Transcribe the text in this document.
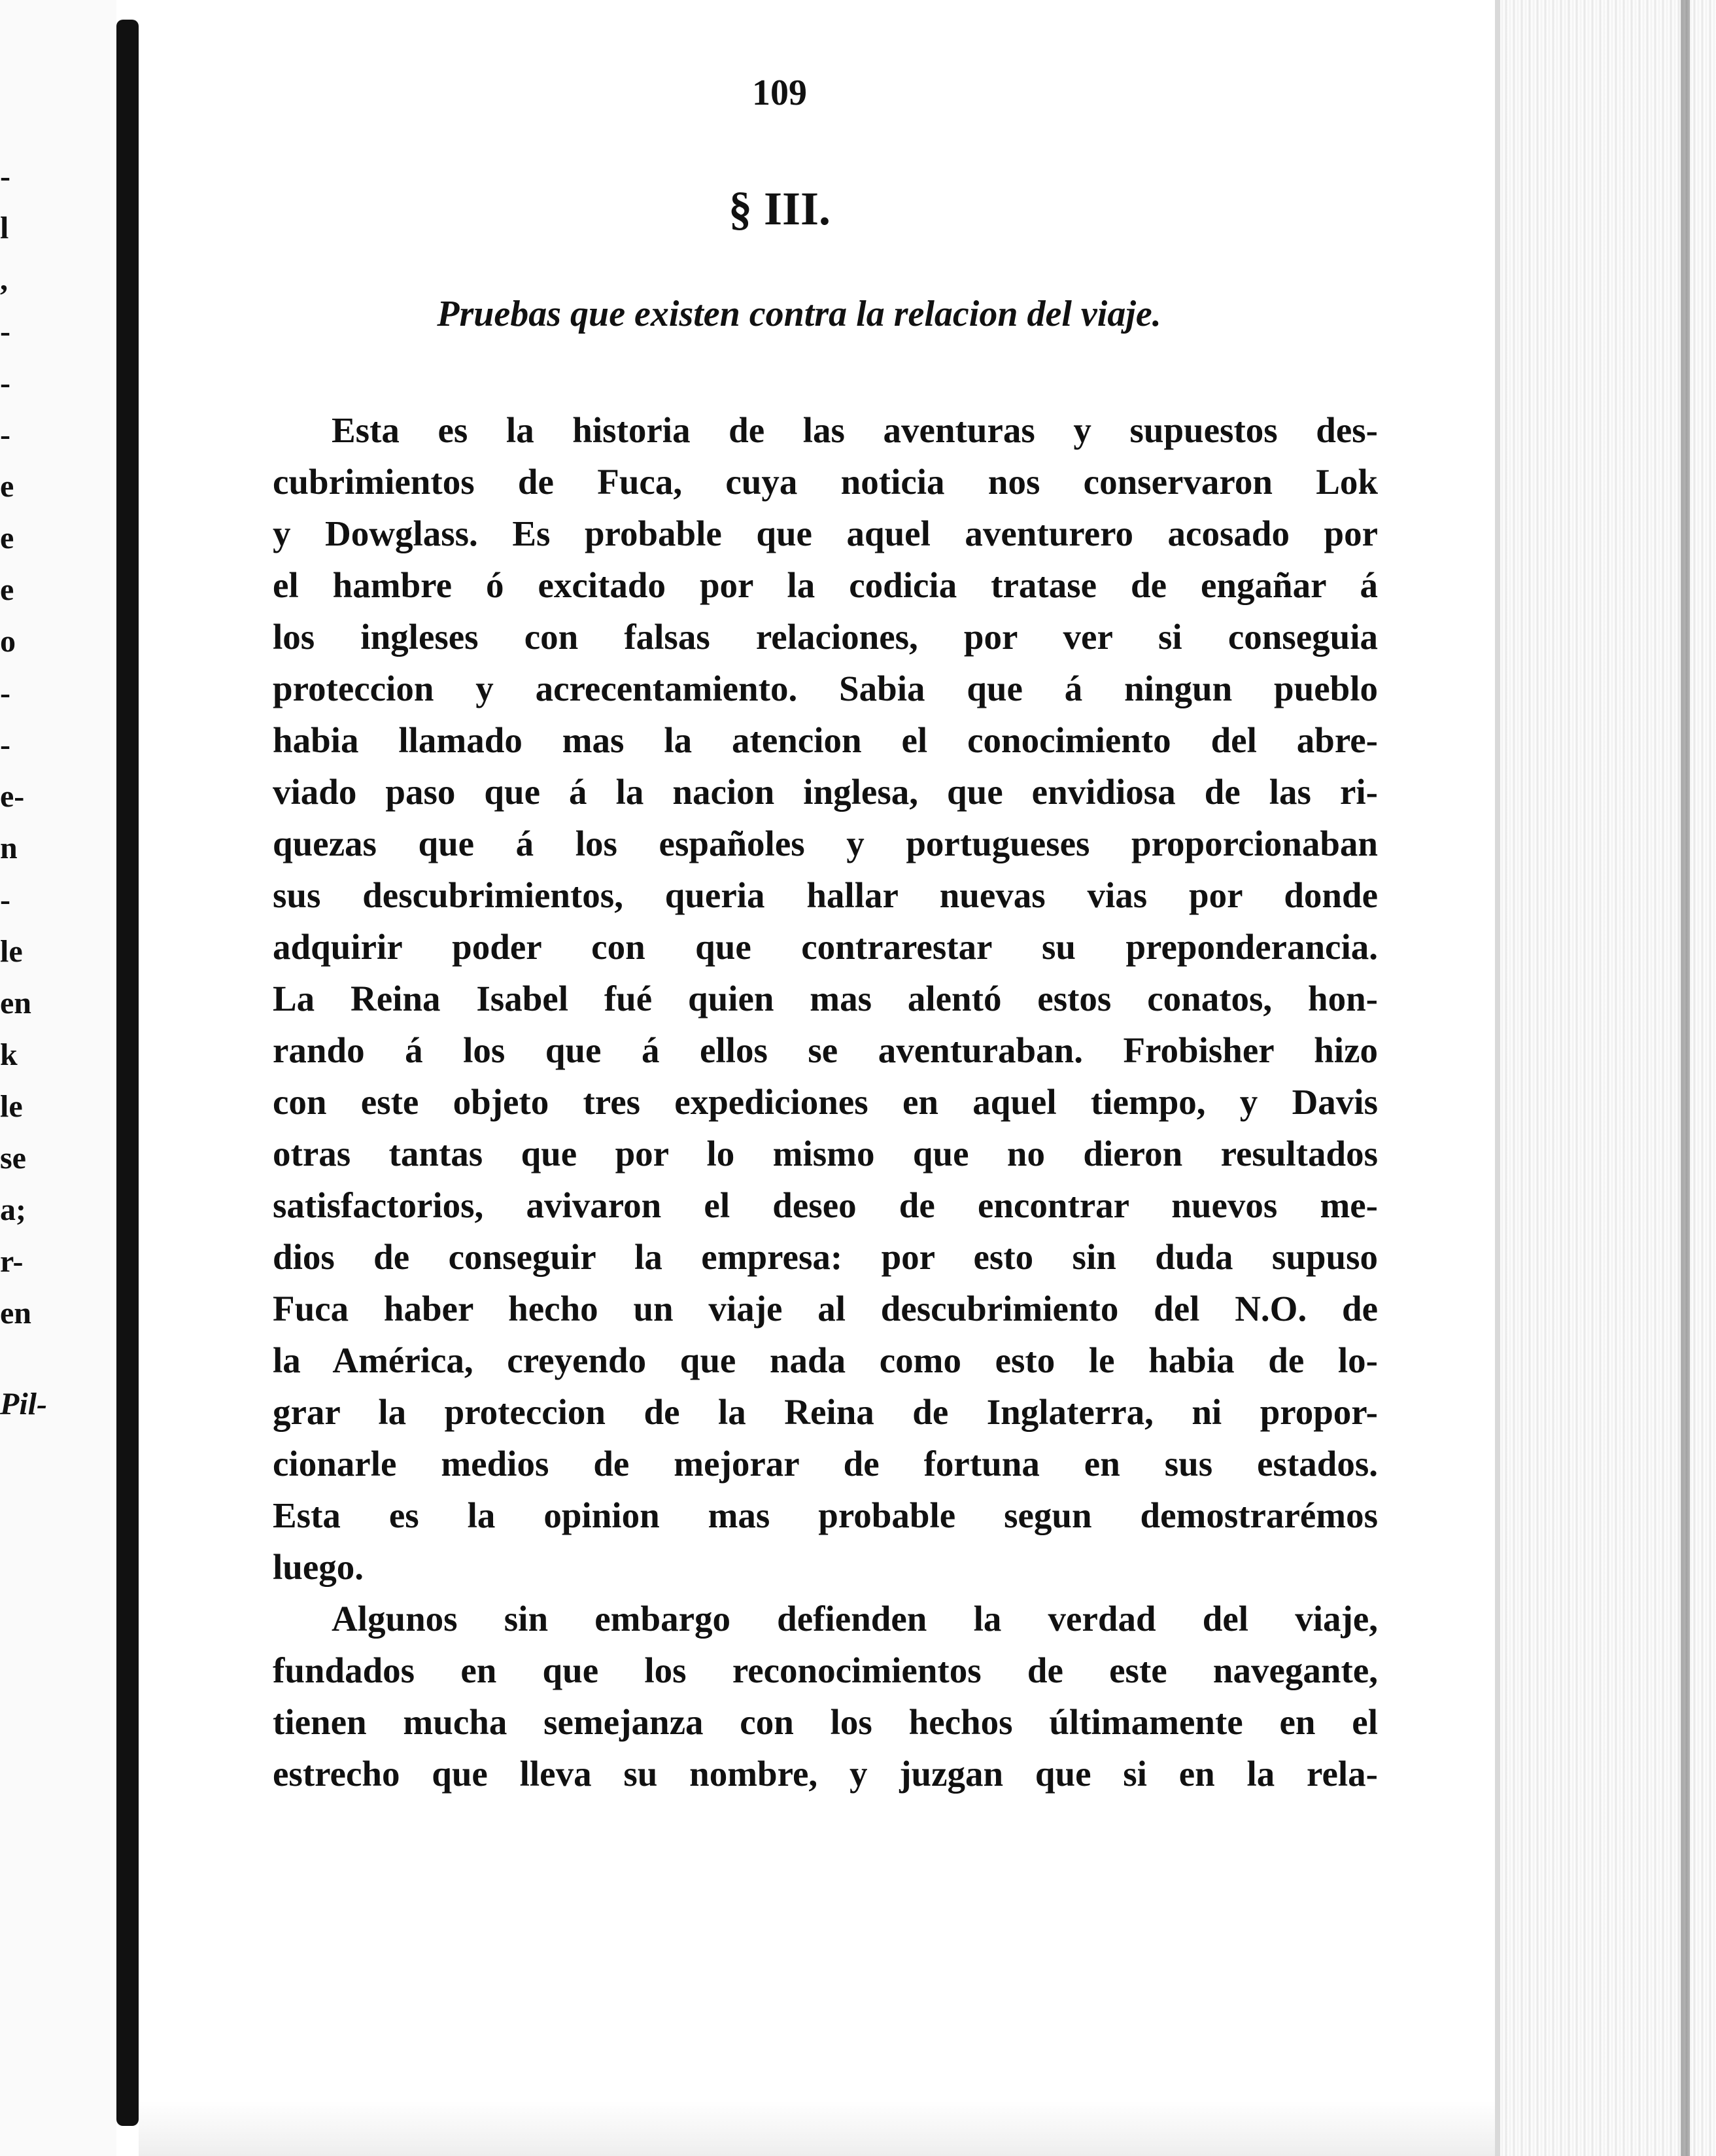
-
l
,
-
-
-
e
e
e
o
-
-
e-
n
-
le
en
k
le
se
a;
r-
en
Pil-
109
§ III.
Pruebas que existen contra la relacion del viaje.
Esta es la historia de las aventuras y supuestos des-
cubrimientos de Fuca, cuya noticia nos conservaron Lok
y Dowglass. Es probable que aquel aventurero acosado por
el hambre ó excitado por la codicia tratase de engañar á
los ingleses con falsas relaciones, por ver si conseguia
proteccion y acrecentamiento. Sabia que á ningun pueblo
habia llamado mas la atencion el conocimiento del abre-
viado paso que á la nacion inglesa, que envidiosa de las ri-
quezas que á los españoles y portugueses proporcionaban
sus descubrimientos, queria hallar nuevas vias por donde
adquirir poder con que contrarestar su preponderancia.
La Reina Isabel fué quien mas alentó estos conatos, hon-
rando á los que á ellos se aventuraban. Frobisher hizo
con este objeto tres expediciones en aquel tiempo, y Davis
otras tantas que por lo mismo que no dieron resultados
satisfactorios, avivaron el deseo de encontrar nuevos me-
dios de conseguir la empresa: por esto sin duda supuso
Fuca haber hecho un viaje al descubrimiento del N.O. de
la América, creyendo que nada como esto le habia de lo-
grar la proteccion de la Reina de Inglaterra, ni propor-
cionarle medios de mejorar de fortuna en sus estados.
Esta es la opinion mas probable segun demostrarémos
luego.
Algunos sin embargo defienden la verdad del viaje,
fundados en que los reconocimientos de este navegante,
tienen mucha semejanza con los hechos últimamente en el
estrecho que lleva su nombre, y juzgan que si en la rela-
